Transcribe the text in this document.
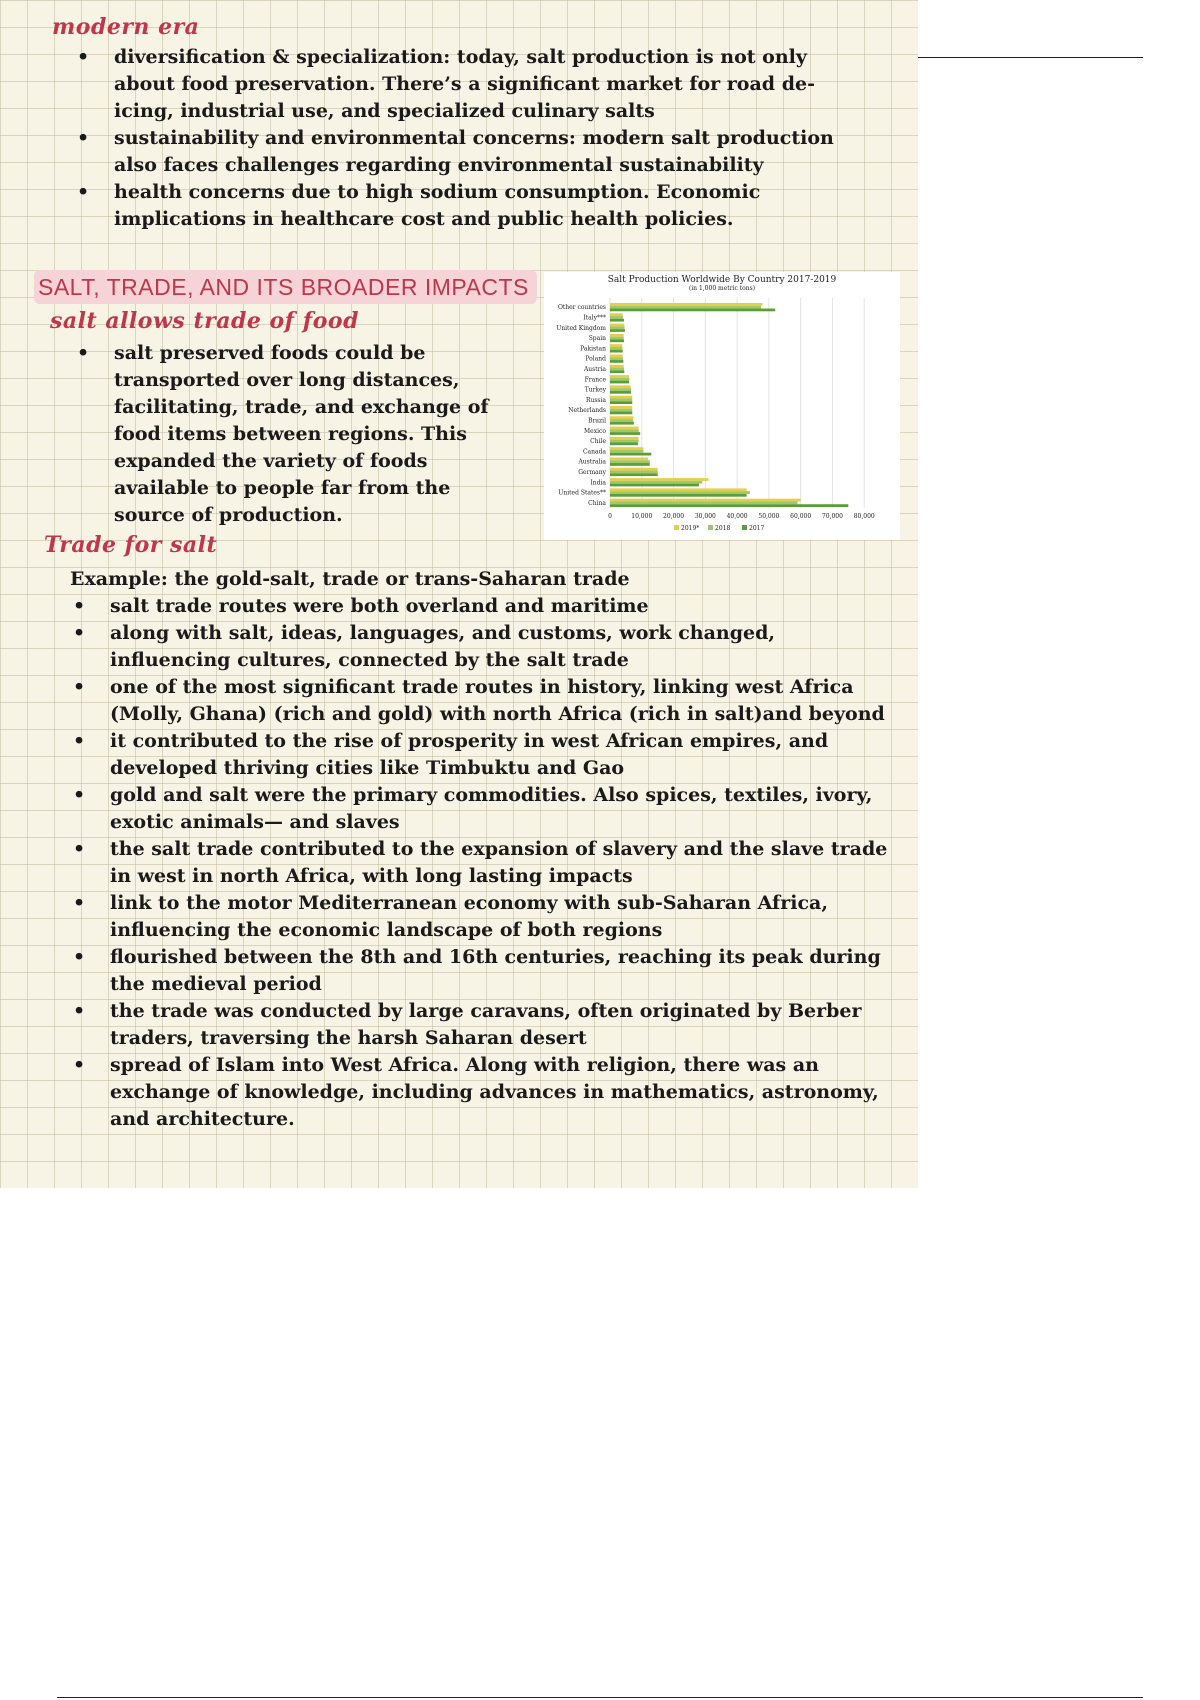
modern era
• diversification & specialization: today, salt production is not only about food preservation. There’s a significant market for road de-icing, industrial use, and specialized culinary salts
• sustainability and environmental concerns: modern salt production also faces challenges regarding environmental sustainability
• health concerns due to high sodium consumption. Economic implications in healthcare cost and public health policies.
SALT, TRADE, AND ITS BROADER IMPACTS
salt allows trade of food
• salt preserved foods could be transported over long distances, facilitating, trade, and exchange of food items between regions. This expanded the variety of foods available to people far from the source of production.
Salt Production Worldwide By Country 2017-2019
(in 1,000 metric tons)
0	10,000 20,000 30,000 40,000 50,000 60,000 70,000 80,000
Other countries
Italy***
United Kingdom
Spain
Pakistan
Poland
Austria
France
Turkey
Russia
Netherlands
Brazil
Mexico
Chile
Canada
Australia
Germany
India
United States**
China
2019*	2018	2017
Trade for salt
Example: the gold-salt, trade or trans-Saharan trade
• salt trade routes were both overland and maritime
• along with salt, ideas, languages, and customs, work changed, influencing cultures, connected by the salt trade
• one of the most significant trade routes in history, linking west Africa (Molly, Ghana) (rich and gold) with north Africa (rich in salt)and beyond
• it contributed to the rise of prosperity in west African empires, and developed thriving cities like Timbuktu and Gao
• gold and salt were the primary commodities. Also spices, textiles, ivory, exotic animals— and slaves
• the salt trade contributed to the expansion of slavery and the slave trade in west in north Africa, with long lasting impacts
• link to the motor Mediterranean economy with sub-Saharan Africa, influencing the economic landscape of both regions
• flourished between the 8th and 16th centuries, reaching its peak during the medieval period
• the trade was conducted by large caravans, often originated by Berber traders, traversing the harsh Saharan desert
• spread of Islam into West Africa. Along with religion, there was an exchange of knowledge, including advances in mathematics, astronomy, and architecture.
